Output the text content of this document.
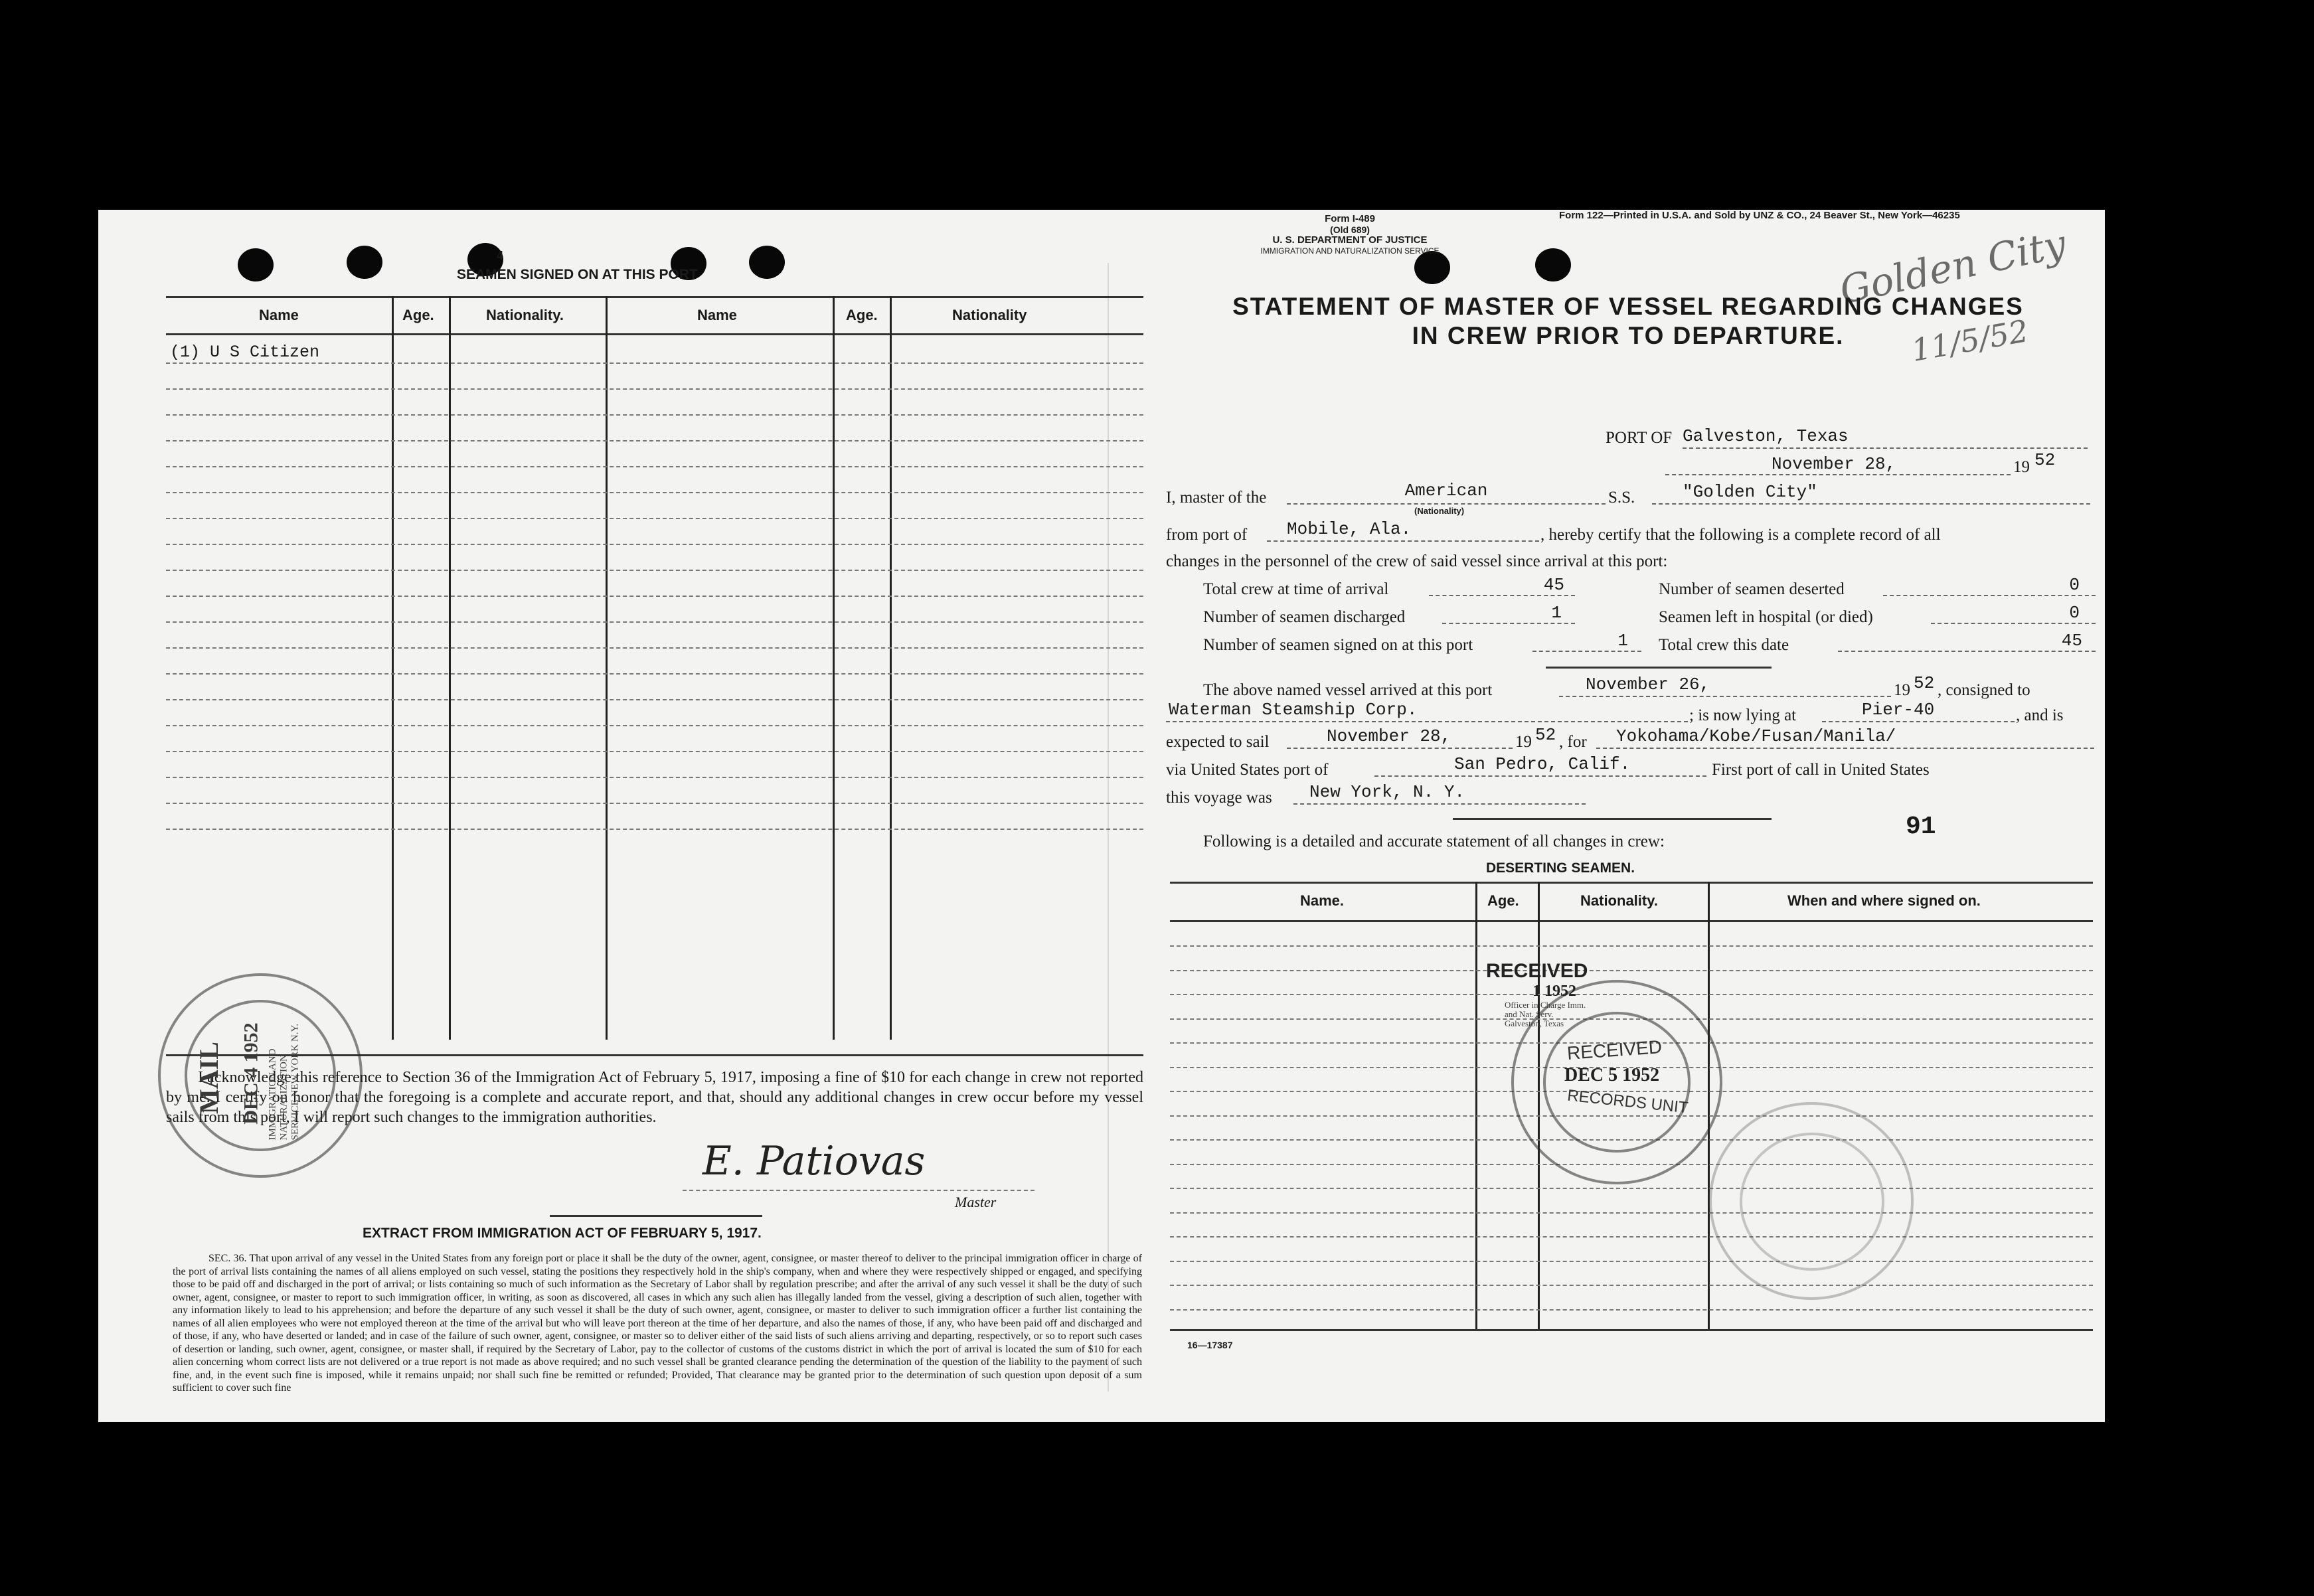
4
SEAMEN SIGNED ON AT THIS PORT
Name	Age.	Nationality.	Name	Age.	Nationality
(1) U S Citizen
I acknowledge this reference to Section 36 of the Immigration Act of February 5, 1917, imposing a fine of $10 for each change in crew not reported by me. I certify on honor that the foregoing is a complete and accurate report, and that, should any additional changes in crew occur before my vessel sails from this port, I will report such changes to the immigration authorities.
E. Patiovas
Master
EXTRACT FROM IMMIGRATION ACT OF FEBRUARY 5, 1917.
SEC. 36. That upon arrival of any vessel in the United States from any foreign port or place it shall be the duty of the owner, agent, consignee, or master thereof to deliver to the principal immigration officer in charge of the port of arrival lists containing the names of all aliens employed on such vessel, stating the positions they respectively hold in the ship's company, when and where they were respectively shipped or engaged, and specifying those to be paid off and discharged in the port of arrival; or lists containing so much of such information as the Secretary of Labor shall by regulation prescribe; and after the arrival of any such vessel it shall be the duty of such owner, agent, consignee, or master to report to such immigration officer, in writing, as soon as discovered, all cases in which any such alien has illegally landed from the vessel, giving a description of such alien, together with any information likely to lead to his apprehension; and before the departure of any such vessel it shall be the duty of such owner, agent, consignee, or master to deliver to such immigration officer a further list containing the names of all alien employees who were not employed thereon at the time of the arrival but who will leave port thereon at the time of her departure, and also the names of those, if any, who have been paid off and discharged and of those, if any, who have deserted or landed; and in case of the failure of such owner, agent, consignee, or master so to deliver either of the said lists of such aliens arriving and departing, respectively, or so to report such cases of desertion or landing, such owner, agent, consignee, or master shall, if required by the Secretary of Labor, pay to the collector of customs of the customs district in which the port of arrival is located the sum of $10 for each alien concerning whom correct lists are not delivered or a true report is not made as above required; and no such vessel shall be granted clearance pending the determination of the question of the liability to the payment of such fine, and, in the event such fine is imposed, while it remains unpaid; nor shall such fine be remitted or refunded; Provided, That clearance may be granted prior to the determination of such question upon deposit of a sum sufficient to cover such fine
MAIL DEC 4 1952 IMMIGRATION AND NATURALIZATION SERVICE NEW YORK N.Y.
Form I-489
(Old 689)
U. S. DEPARTMENT OF JUSTICE
IMMIGRATION AND NATURALIZATION SERVICE
Form 122—Printed in U.S.A. and Sold by UNZ & CO., 24 Beaver St., New York—46235
Golden City
11/5/52
STATEMENT OF MASTER OF VESSEL REGARDING CHANGES
IN CREW PRIOR TO DEPARTURE.
PORT OF Galveston, Texas
November 28,	19 52
I, master of the	American
(Nationality)
S.S.	"Golden City"
from port of	Mobile, Ala.	, hereby certify that the following is a complete record of all
changes in the personnel of the crew of said vessel since arrival at this port:
Total crew at time of arrival	45	Number of seamen deserted	0
Number of seamen discharged	1	Seamen left in hospital (or died)	0
Number of seamen signed on at this port	1	Total crew this date	45
The above named vessel arrived at this port	November 26,	19 52 , consigned to
Waterman Steamship Corp.	; is now lying at	Pier-40	, and is
expected to sail	November 28,	19 52 , for	Yokohama/Kobe/Fusan/Manila/
via United States port of	San Pedro, Calif.	First port of call in United States
this voyage was	New York, N. Y.
91
Following is a detailed and accurate statement of all changes in crew:
DESERTING SEAMEN.
Name.	Age.	Nationality.	When and where signed on.
16—17387
RECEIVED
1 1952
Officer in Charge Imm. and Nat. Serv. Galveston, Texas
RECEIVED
DEC 5 1952
RECORDS UNIT
